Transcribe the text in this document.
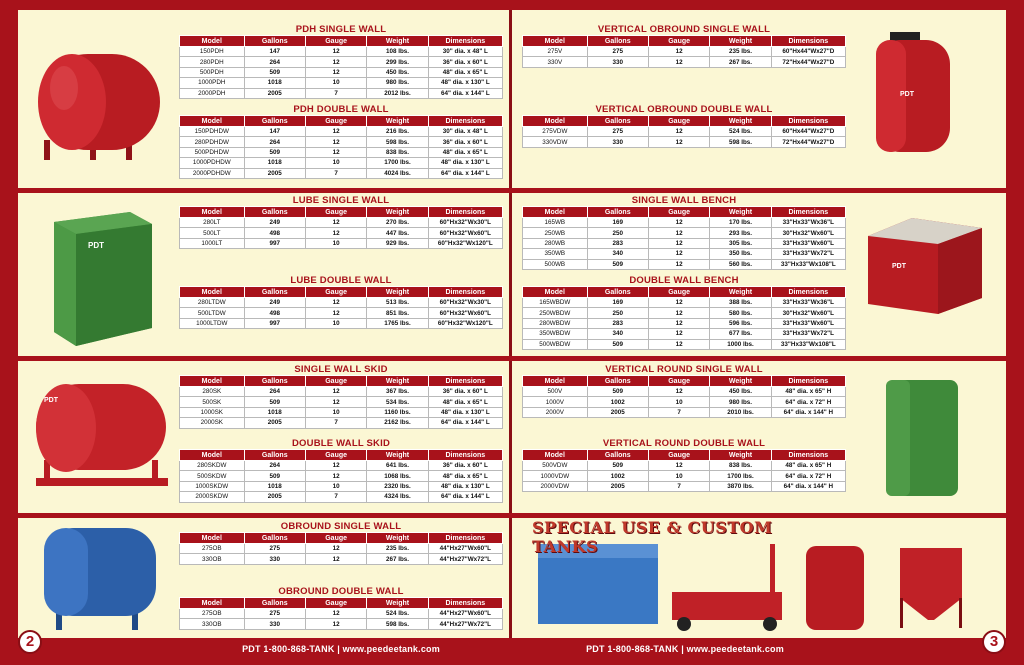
PDT
PDT
PDT
PDT
SPECIAL USE & CUSTOM TANKS
PDH SINGLE WALL
Model	Gallons	Gauge	Weight	Dimensions
150PDH	147	12	108 lbs.	30" dia. x 48" L
280PDH	264	12	299 lbs.	36" dia. x 60" L
500PDH	509	12	450 lbs.	48" dia. x 65" L
1000PDH	1018	10	980 lbs.	48" dia. x 130" L
2000PDH	2005	7	2012 lbs.	64" dia. x 144" L
PDH DOUBLE WALL
Model	Gallons	Gauge	Weight	Dimensions
150PDHDW	147	12	216 lbs.	30" dia. x 48" L
280PDHDW	264	12	598 lbs.	36" dia. x 60" L
500PDHDW	509	12	838 lbs.	48" dia. x 65" L
1000PDHDW	1018	10	1700 lbs.	48" dia. x 130" L
2000PDHDW	2005	7	4024 lbs.	64" dia. x 144" L
LUBE SINGLE WALL
Model	Gallons	Gauge	Weight	Dimensions
280LT	249	12	270 lbs.	60"Hx32"Wx30"L
500LT	498	12	447 lbs.	60"Hx32"Wx60"L
1000LT	997	10	929 lbs.	60"Hx32"Wx120"L
LUBE DOUBLE WALL
Model	Gallons	Gauge	Weight	Dimensions
280LTDW	249	12	513 lbs.	60"Hx32"Wx30"L
500LTDW	498	12	851 lbs.	60"Hx32"Wx60"L
1000LTDW	997	10	1765 lbs.	60"Hx32"Wx120"L
SINGLE WALL SKID
Model	Gallons	Gauge	Weight	Dimensions
280SK	264	12	367 lbs.	36" dia. x 60" L
500SK	509	12	534 lbs.	48" dia. x 65" L
1000SK	1018	10	1160 lbs.	48" dia. x 130" L
2000SK	2005	7	2162 lbs.	64" dia. x 144" L
DOUBLE WALL SKID
Model	Gallons	Gauge	Weight	Dimensions
280SKDW	264	12	641 lbs.	36" dia. x 60" L
500SKDW	509	12	1068 lbs.	48" dia. x 65" L
1000SKDW	1018	10	2320 lbs.	48" dia. x 130" L
2000SKDW	2005	7	4324 lbs.	64" dia. x 144" L
OBROUND SINGLE WALL
Model	Gallons	Gauge	Weight	Dimensions
275OB	275	12	235 lbs.	44"Hx27"Wx60"L
330OB	330	12	267 lbs.	44"Hx27"Wx72"L
OBROUND DOUBLE WALL
Model	Gallons	Gauge	Weight	Dimensions
275OB	275	12	524 lbs.	44"Hx27"Wx60"L
330OB	330	12	598 lbs.	44"Hx27"Wx72"L
VERTICAL OBROUND SINGLE WALL
Model	Gallons	Gauge	Weight	Dimensions
275V	275	12	235 lbs.	60"Hx44"Wx27"D
330V	330	12	267 lbs.	72"Hx44"Wx27"D
VERTICAL OBROUND DOUBLE WALL
Model	Gallons	Gauge	Weight	Dimensions
275VDW	275	12	524 lbs.	60"Hx44"Wx27"D
330VDW	330	12	598 lbs.	72"Hx44"Wx27"D
SINGLE WALL BENCH
Model	Gallons	Gauge	Weight	Dimensions
165WB	169	12	170 lbs.	33"Hx33"Wx36"L
250WB	250	12	293 lbs.	30"Hx32"Wx60"L
280WB	283	12	305 lbs.	33"Hx33"Wx60"L
350WB	340	12	350 lbs.	33"Hx33"Wx72"L
500WB	509	12	560 lbs.	33"Hx33"Wx108"L
DOUBLE WALL BENCH
Model	Gallons	Gauge	Weight	Dimensions
165WBDW	169	12	388 lbs.	33"Hx33"Wx36"L
250WBDW	250	12	580 lbs.	30"Hx32"Wx60"L
280WBDW	283	12	596 lbs.	33"Hx33"Wx60"L
350WBDW	340	12	677 lbs.	33"Hx33"Wx72"L
500WBDW	509	12	1000 lbs.	33"Hx33"Wx108"L
VERTICAL ROUND SINGLE WALL
Model	Gallons	Gauge	Weight	Dimensions
500V	509	12	450 lbs.	48" dia. x 65" H
1000V	1002	10	980 lbs.	64" dia. x 72" H
2000V	2005	7	2010 lbs.	64" dia. x 144" H
VERTICAL ROUND DOUBLE WALL
Model	Gallons	Gauge	Weight	Dimensions
500VDW	509	12	838 lbs.	48" dia. x 65" H
1000VDW	1002	10	1700 lbs.	64" dia. x 72" H
2000VDW	2005	7	3870 lbs.	64" dia. x 144" H
2	3
PDT 1-800-868-TANK | www.peedeetank.com	PDT 1-800-868-TANK | www.peedeetank.com
